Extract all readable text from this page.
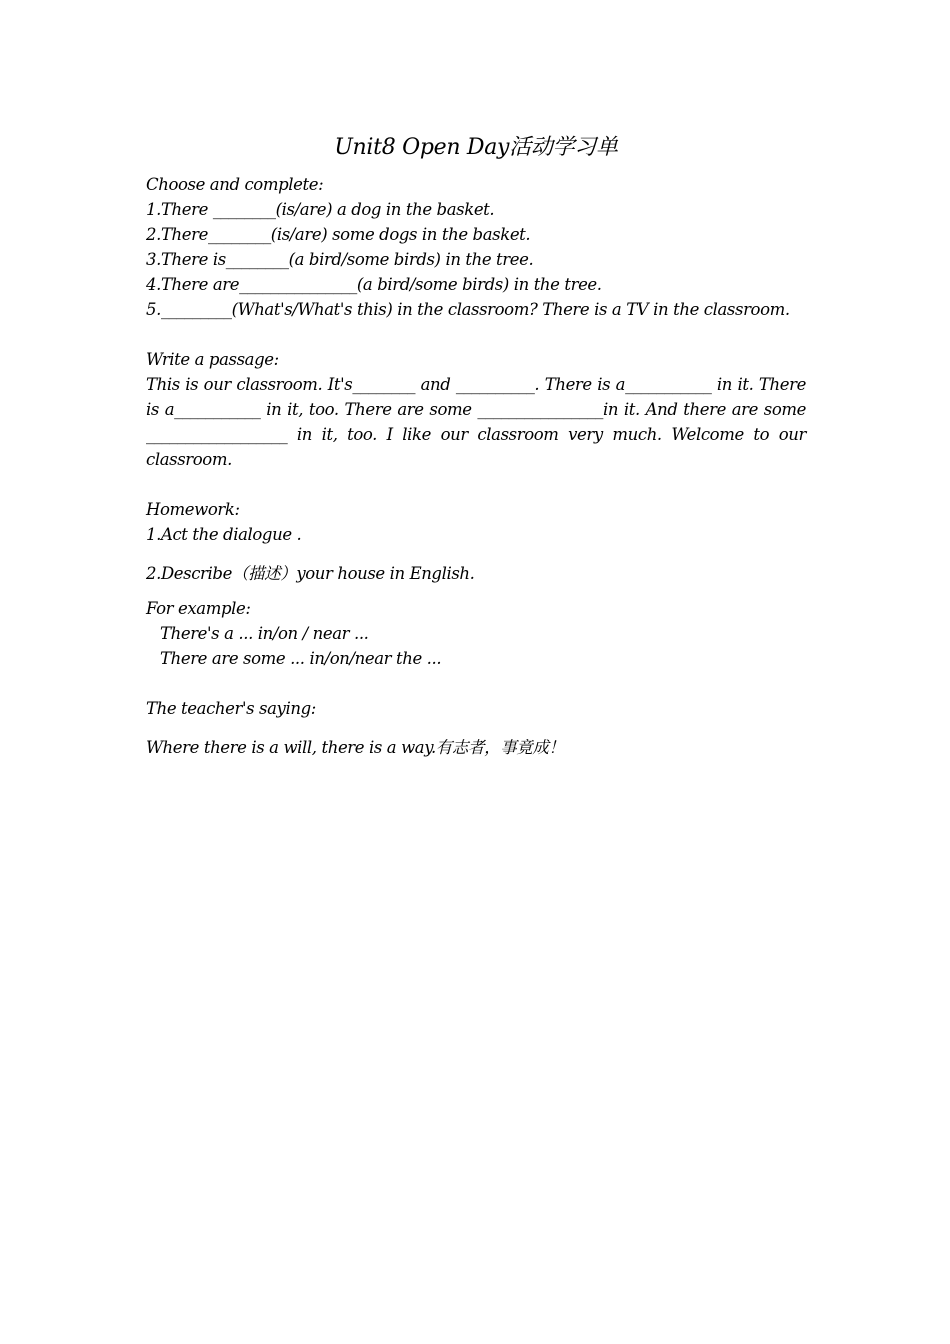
Unit8 Open Day活动学习单
Choose and complete:
1.There ________(is/are) a dog in the basket.
2.There________(is/are) some dogs in the basket.
3.There is________(a bird/some birds) in the tree.
4.There are_______________(a bird/some birds) in the tree.
5._________(What's/What's this) in the classroom? There is a TV in the classroom.
Write a passage:
This is our classroom. It's________ and __________. There is a___________ in it. There is a___________ in it, too. There are some ________________in it. And there are some __________________ in it, too. I like our classroom very much. Welcome to our classroom.
Homework:
1.Act the dialogue .
2.Describe（描述）your house in English.
For example:
There's a ... in/on / near ...
There are some ... in/on/near the ...
The teacher's saying:
Where there is a will, there is a way.有志者，事竟成！
